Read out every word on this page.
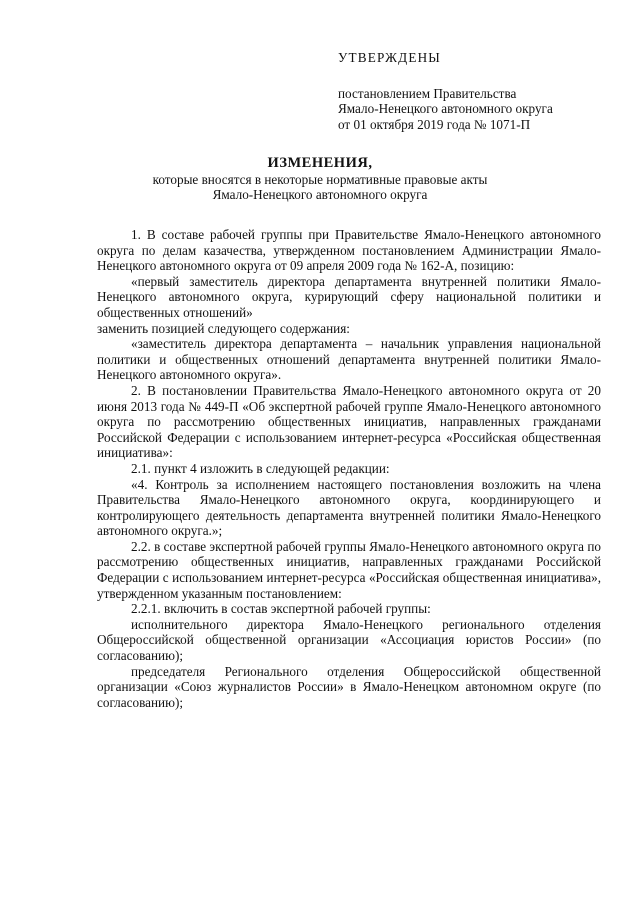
УТВЕРЖДЕНЫ
постановлением Правительства
Ямало-Ненецкого автономного округа
от 01 октября 2019 года № 1071-П
ИЗМЕНЕНИЯ,
которые вносятся в некоторые нормативные правовые акты
Ямало-Ненецкого автономного округа

1. В составе рабочей группы при Правительстве Ямало-Ненецкого автономного округа по делам казачества, утвержденном постановлением Администрации Ямало-Ненецкого автономного округа от 09 апреля 2009 года № 162-А, позицию:

«первый заместитель директора департамента внутренней политики Ямало-Ненецкого автономного округа, курирующий сферу национальной политики и общественных отношений»

заменить позицией следующего содержания:

«заместитель директора департамента – начальник управления национальной политики и общественных отношений департамента внутренней политики Ямало-Ненецкого автономного округа».

2. В постановлении Правительства Ямало-Ненецкого автономного округа от 20 июня 2013 года № 449-П «Об экспертной рабочей группе Ямало-Ненецкого автономного округа по рассмотрению общественных инициатив, направленных гражданами Российской Федерации с использованием интернет-ресурса «Российская общественная инициатива»:

2.1. пункт 4 изложить в следующей редакции:

«4. Контроль за исполнением настоящего постановления возложить на члена Правительства Ямало-Ненецкого автономного округа, координирующего и контролирующего деятельность департамента внутренней политики Ямало-Ненецкого автономного округа.»;

2.2. в составе экспертной рабочей группы Ямало-Ненецкого автономного округа по рассмотрению общественных инициатив, направленных гражданами Российской Федерации с использованием интернет-ресурса «Российская общественная инициатива», утвержденном указанным постановлением:

2.2.1. включить в состав экспертной рабочей группы:

исполнительного директора Ямало-Ненецкого регионального отделения Общероссийской общественной организации «Ассоциация юристов России» (по согласованию);

председателя Регионального отделения Общероссийской общественной организации «Союз журналистов России» в Ямало-Ненецком автономном округе (по согласованию);
